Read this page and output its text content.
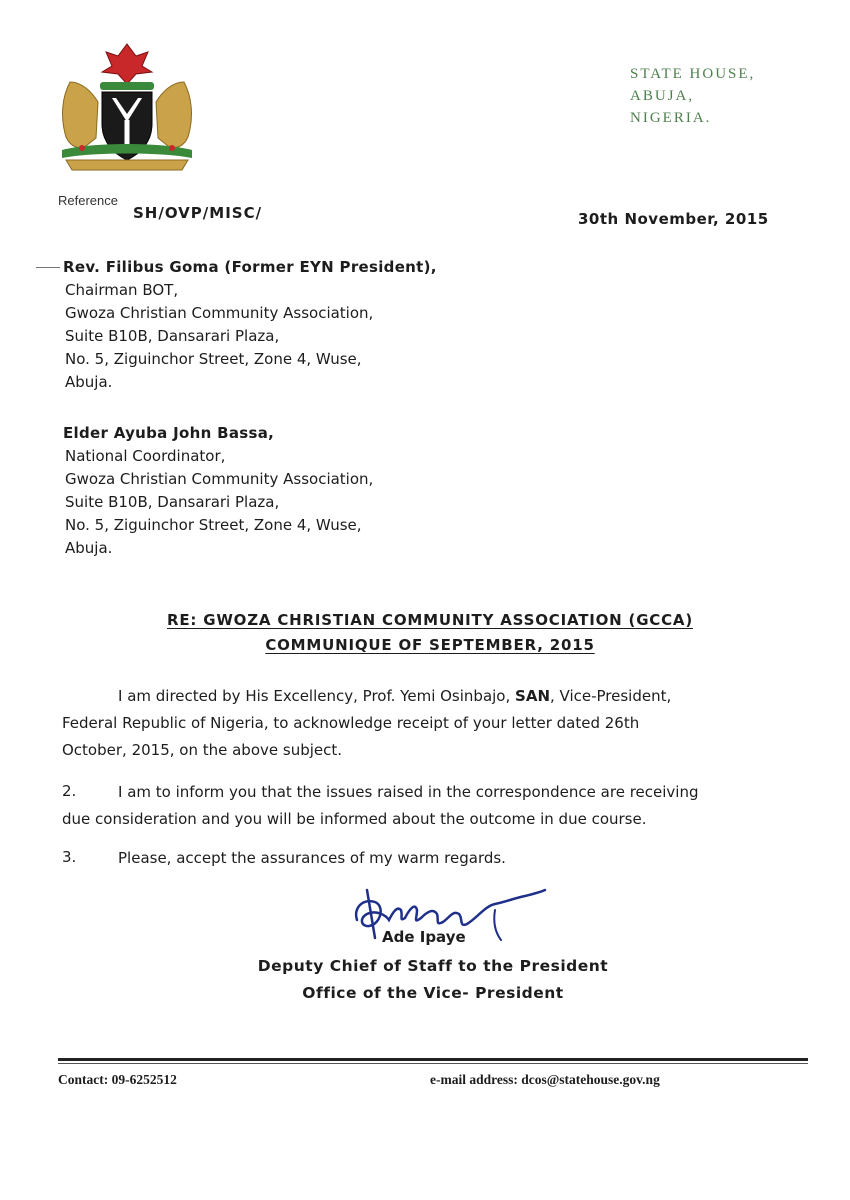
STATE HOUSE,
ABUJA,
NIGERIA.
Reference
SH/OVP/MISC/	30th November, 2015
Rev. Filibus Goma (Former EYN President),
Chairman BOT,
Gwoza Christian Community Association,
Suite B10B, Dansarari Plaza,
No. 5, Ziguinchor Street, Zone 4, Wuse,
Abuja.
Elder Ayuba John Bassa,
National Coordinator,
Gwoza Christian Community Association,
Suite B10B, Dansarari Plaza,
No. 5, Ziguinchor Street, Zone 4, Wuse,
Abuja.
RE: GWOZA CHRISTIAN COMMUNITY ASSOCIATION (GCCA)
COMMUNIQUE OF SEPTEMBER, 2015
I am directed by His Excellency, Prof. Yemi Osinbajo, SAN, Vice-President,
Federal Republic of Nigeria, to acknowledge receipt of your letter dated 26th
October, 2015, on the above subject.
2.	I am to inform you that the issues raised in the correspondence are receiving
due consideration and you will be informed about the outcome in due course.
3.	Please, accept the assurances of my warm regards.
Ade Ipaye
Deputy Chief of Staff to the President
Office of the Vice- President
Contact: 09-6252512	e-mail address: dcos@statehouse.gov.ng
